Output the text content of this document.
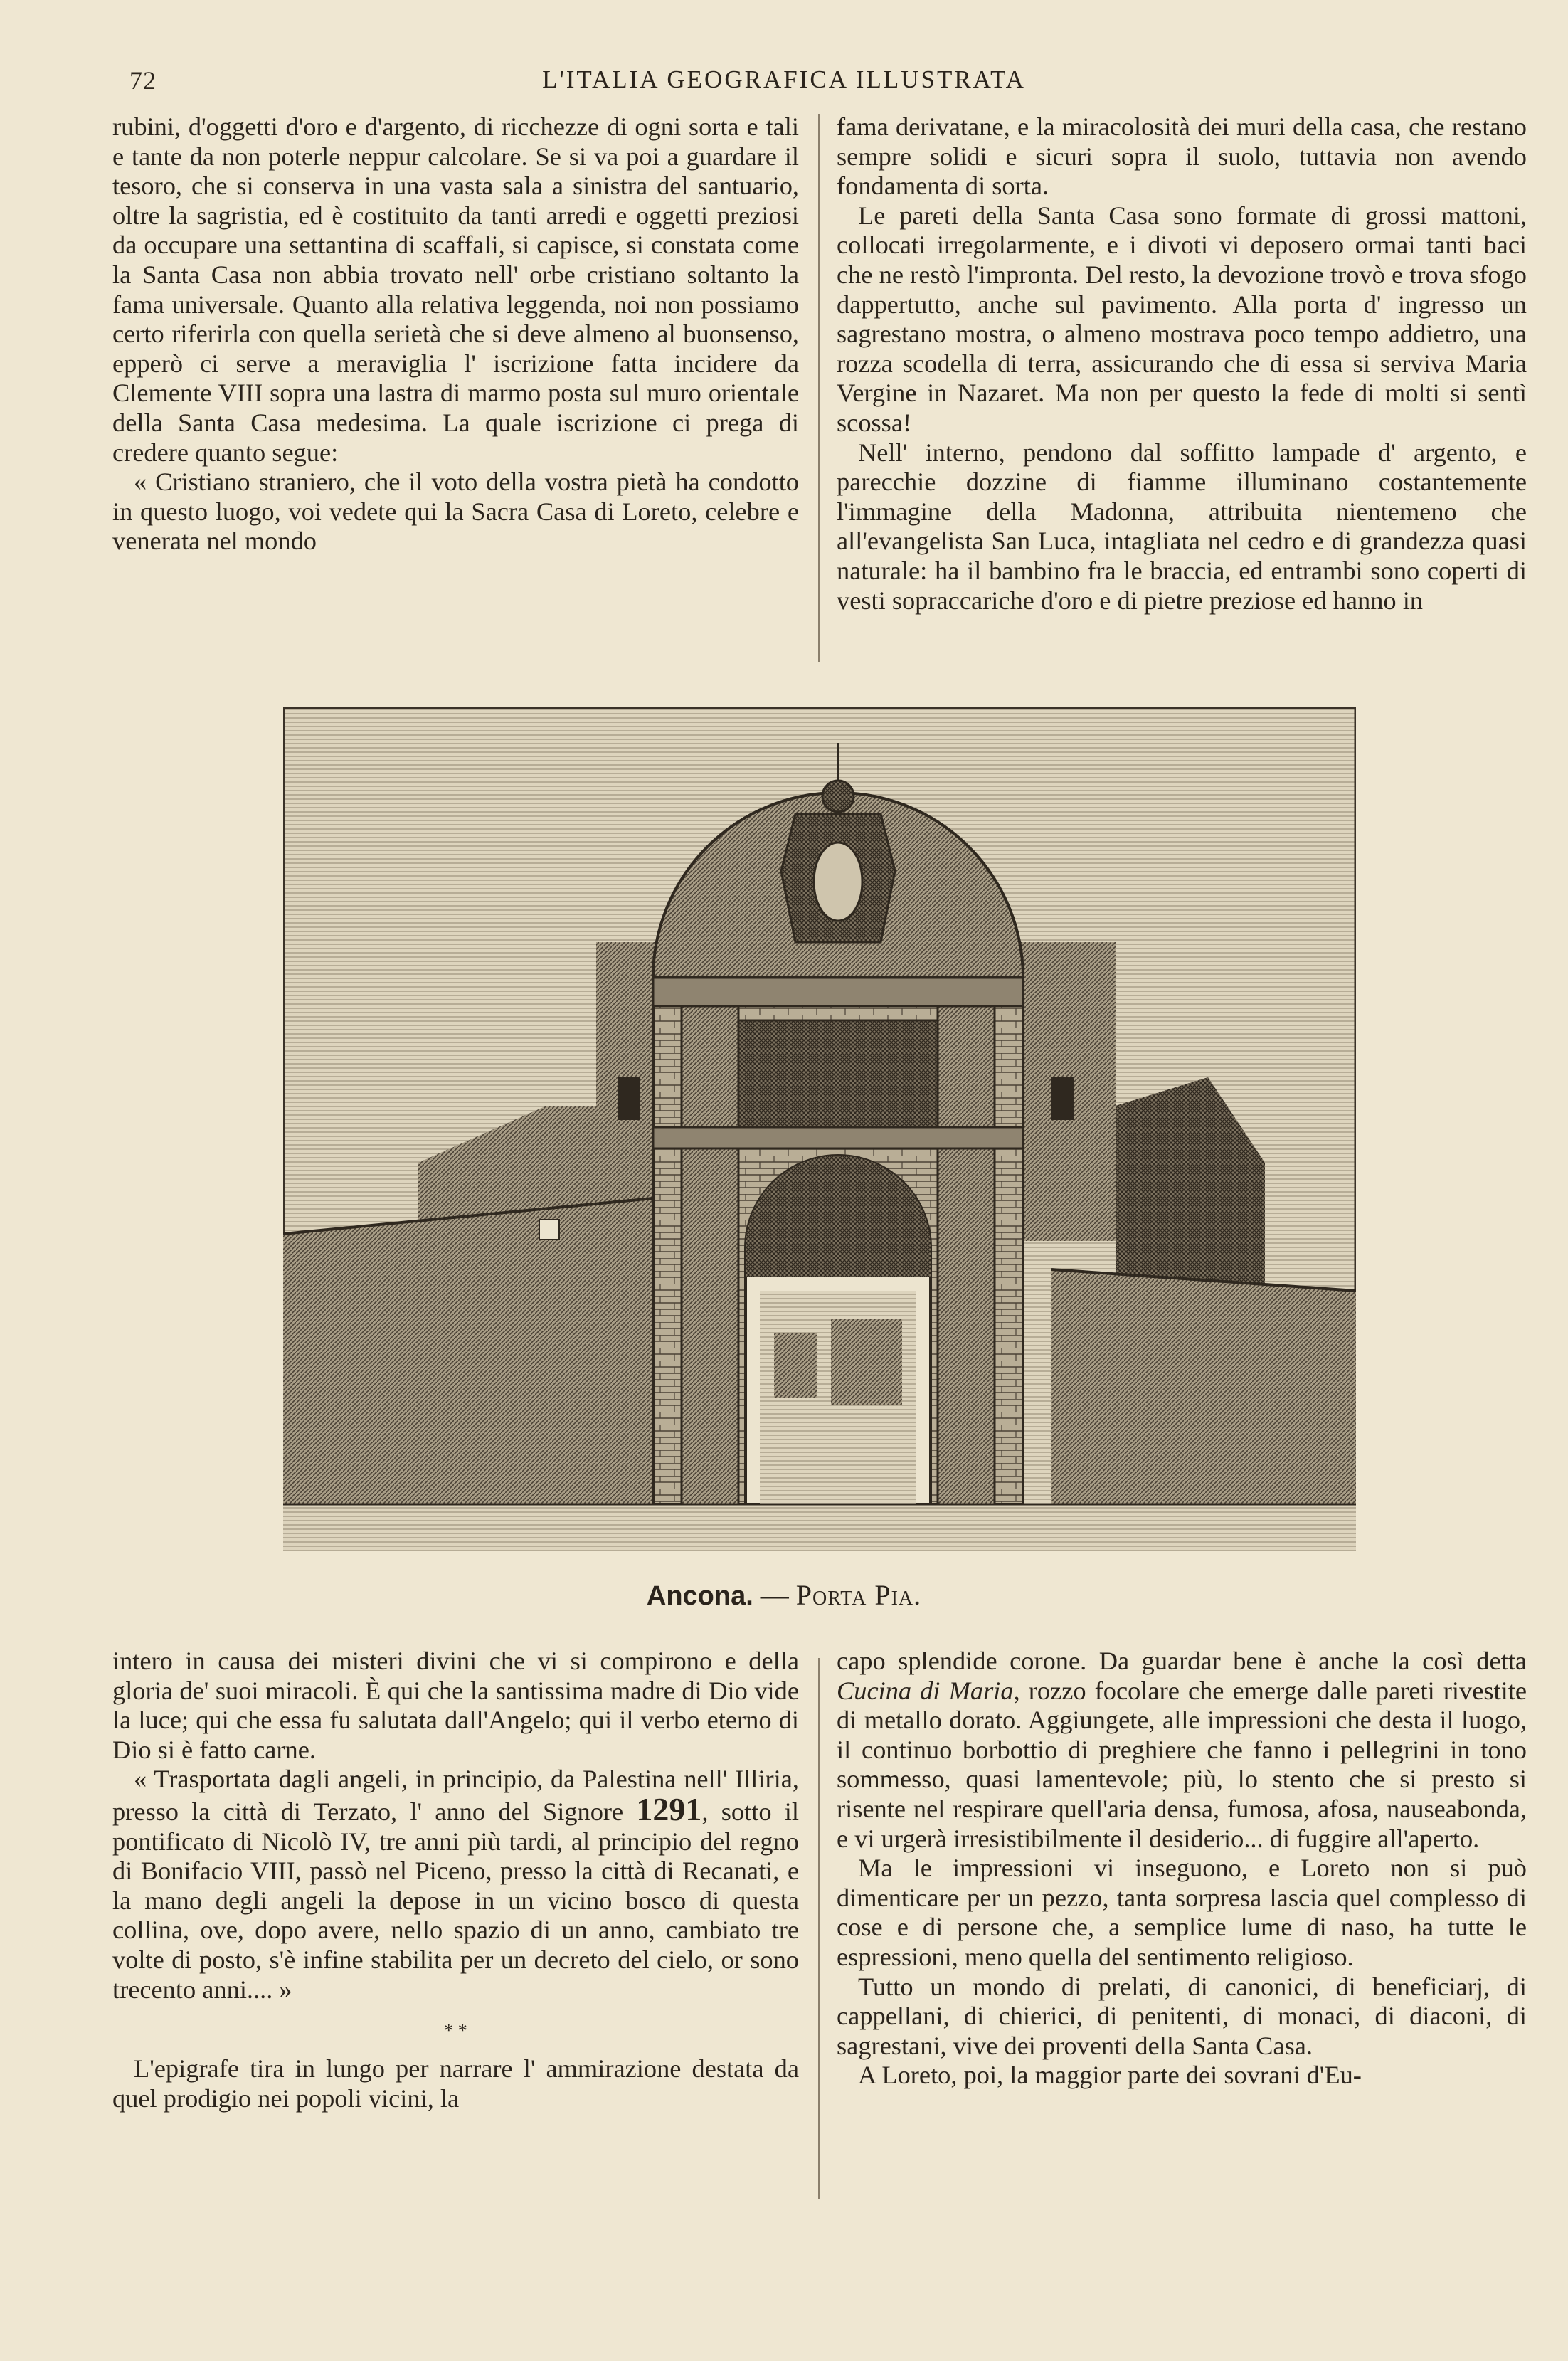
72	L'ITALIA GEOGRAFICA ILLUSTRATA

rubini, d'oggetti d'oro e d'argento, di ricchezze di ogni sorta e tali e tante da non poterle neppur calcolare. Se si va poi a guardare il tesoro, che si conserva in una vasta sala a sinistra del santuario, oltre la sagristia, ed è costituito da tanti arredi e oggetti preziosi da occupare una settantina di scaffali, si capisce, si constata come la Santa Casa non abbia trovato nell' orbe cristiano soltanto la fama universale. Quanto alla relativa leggenda, noi non possiamo certo riferirla con quella serietà che si deve almeno al buonsenso, epperò ci serve a meraviglia l' iscrizione fatta incidere da Clemente VIII sopra una lastra di marmo posta sul muro orientale della Santa Casa medesima. La quale iscrizione ci prega di credere quanto segue:

« Cristiano straniero, che il voto della vostra pietà ha condotto in questo luogo, voi vedete qui la Sacra Casa di Loreto, celebre e venerata nel mondo

fama derivatane, e la miracolosità dei muri della casa, che restano sempre solidi e sicuri sopra il suolo, tuttavia non avendo fondamenta di sorta.

Le pareti della Santa Casa sono formate di grossi mattoni, collocati irregolarmente, e i divoti vi deposero ormai tanti baci che ne restò l'impronta. Del resto, la devozione trovò e trova sfogo dappertutto, anche sul pavimento. Alla porta d' ingresso un sagrestano mostra, o almeno mostrava poco tempo addietro, una rozza scodella di terra, assicurando che di essa si serviva Maria Vergine in Nazaret. Ma non per questo la fede di molti si sentì scossa!

Nell' interno, pendono dal soffitto lampade d' argento, e parecchie dozzine di fiamme illuminano costantemente l'immagine della Madonna, attribuita nientemeno che all'evangelista San Luca, intagliata nel cedro e di grandezza quasi naturale: ha il bambino fra le braccia, ed entrambi sono coperti di vesti sopraccariche d'oro e di pietre preziose ed hanno in

Ancona. — Porta Pia.

intero in causa dei misteri divini che vi si compirono e della gloria de' suoi miracoli. È qui che la santissima madre di Dio vide la luce; qui che essa fu salutata dall'Angelo; qui il verbo eterno di Dio si è fatto carne.

« Trasportata dagli angeli, in principio, da Palestina nell' Illiria, presso la città di Terzato, l' anno del Signore 1291, sotto il pontificato di Nicolò IV, tre anni più tardi, al principio del regno di Bonifacio VIII, passò nel Piceno, presso la città di Recanati, e la mano degli angeli la depose in un vicino bosco di questa collina, ove, dopo avere, nello spazio di un anno, cambiato tre volte di posto, s'è infine stabilita per un decreto del cielo, or sono trecento anni.... »

* *

L'epigrafe tira in lungo per narrare l' ammirazione destata da quel prodigio nei popoli vicini, la

capo splendide corone. Da guardar bene è anche la così detta Cucina di Maria, rozzo focolare che emerge dalle pareti rivestite di metallo dorato. Aggiungete, alle impressioni che desta il luogo, il continuo borbottio di preghiere che fanno i pellegrini in tono sommesso, quasi lamentevole; più, lo stento che si presto si risente nel respirare quell'aria densa, fumosa, afosa, nauseabonda, e vi urgerà irresistibilmente il desiderio... di fuggire all'aperto.

Ma le impressioni vi inseguono, e Loreto non si può dimenticare per un pezzo, tanta sorpresa lascia quel complesso di cose e di persone che, a semplice lume di naso, ha tutte le espressioni, meno quella del sentimento religioso.

Tutto un mondo di prelati, di canonici, di beneficiarj, di cappellani, di chierici, di penitenti, di monaci, di diaconi, di sagrestani, vive dei proventi della Santa Casa.

A Loreto, poi, la maggior parte dei sovrani d'Eu-
